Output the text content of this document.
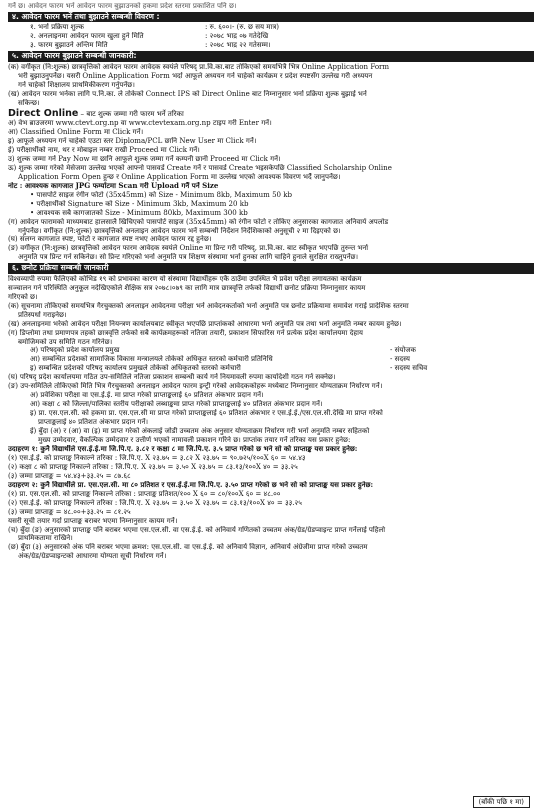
गर्ने छ। आवेदन फारम भर्न आवेदन फारम बुझाउनको हकमा प्रदेश स्तरमा प्रकाशित पनि छ।
४. आवेदन फारम भर्ने तथा बुझाउने सम्बन्धी विवरण :
१. भर्ना प्रक्रिया शुल्क	: रु. ६००।- (रु. छ सय मात्र)
२. अनलाइनमा आवेदन फारम खुला हुने मिति	: २०७८ भाद्र ०७ गतेदेखि
३. फारम बुझाउने अन्तिम मिति	: २०७८ भाद्र २२ गतेसम्म।
५. आवेदन फारम बुझाउने सम्बन्धी जानकारी:
(क) वर्गीकृत (नि:शुल्क) छात्रवृत्तिको आवेदन फारम आवेदक स्वयंले परिषद् प्रा.वि.का.बाट तोकिएको समयभित्रै भित्र Online Application Form
भरी बुझाउनुपर्नेछ। यसरी Online Application Form भर्दा आफूले अध्ययन गर्न चाहेको कार्यक्रम र प्रदेश स्पष्टसँग उल्लेख गरी अध्ययन
गर्न चाहेको शिक्षालय प्राथमिकीकरण गर्नुपर्नेछ।
(ख) आवेदन फारम भर्नका लागि प.नि.का. ले तोकेको Connect IPS को Direct Online बाट निम्नानुसार भर्ना प्रक्रिया शुल्क बुझाई भर्न
सकिन्छ।
Direct Online – बाट शुल्क जम्मा गरी फारम भर्ने तरिका
अ) वेभ ब्राउजरमा www.ctevt.org.np वा www.ctevtexam.org.np टाइप गरी Enter गर्ने।
आ) Classified Online Form मा Click गर्ने।
इ) आफूले अध्ययन गर्न चाहेको एउटा स्तर Diploma/PCL छानि New User मा Click गर्ने।
ई) परीक्षार्थीको नाम, थर र मोबाइल नम्बर राखी Proceed मा Click गर्ने।
उ) शुल्क जम्मा गर्न Pay Now मा छानि आफूले शुल्क जम्मा गर्ने कम्पनी छानी Proceed मा Click गर्ने।
ऊ) शुल्क जम्मा गरेको मेसेजमा उल्लेख भएको आफ्नो पासवर्ड Create गर्ने र पासवर्ड Create भइसकेपछि Classified Scholarship Online
Application Form Open हुन्छ र Online Application Form मा उल्लेख भएको आवश्यक विवरण भर्दै जानुपर्नेछ।
नोट : आवश्यक कागजात JPG फर्म्याटमा Scan गरी Upload गर्नै पर्ने Size
• पासपोर्ट साइज रंगीन फोटो (35x45mm) को Size - Minimum 8kb, Maximum 50 kb
• परीक्षार्थीको Signature को Size - Minimum 3kb, Maximum 20 kb
• आवश्यक सबै कागजातको Size - Minimum 80kb, Maximum 300 kb
(ग) आवेदन फारामको माध्यमबाट हालसालै खिचिएको पासपोर्ट साइज (35x45mm) को रंगीन फोटो र तोकिए अनुसारका कागजात अनिवार्य अपलोड
गर्नुपर्नेछ। वर्गीकृत (नि:शुल्क) छात्रवृत्तिको अनलाइन आवेदन फारम भर्ने सम्बन्धी निर्देशन निर्देशिकाको अनुसूची २ मा दिइएको छ।
(घ) संलग्न कागजात स्पष्ट, फोटो र कागजात स्पष्ट नभए आवेदन फारम रद्द हुनेछ।
(ङ) वर्गीकृत (नि:शुल्क) छात्रवृत्तिको आवेदन फारम आवेदक स्वयंले Online मा प्रिन्ट गरी परिषद्, प्रा.वि.का. बाट स्वीकृत भएपछि तुरुन्त भर्ना
अनुमति पत्र प्रिन्ट गर्न सकिनेछ। सो प्रिन्ट गरिएको भर्ना अनुमति पत्र शिक्षण संस्थामा भर्ना हुनका लागि चाहिने हुनाले सुरक्षित राख्नुपर्नेछ।
६. छनोट प्रक्रिया सम्बन्धी जानकारी
विश्वव्यापी रुपमा फैलिएको कोभिड १९ को प्रभावका कारण यो संस्थामा विद्यार्थीहरू एकै ठाउँमा उपस्थित भै प्रवेश परीक्षा लगायतका कार्यक्रम
सञ्चालन गर्न परिस्थिति अनुकूल नदेखिएकोले शैक्षिक सत्र २०७८।०७९ का लागि मात्र छात्रवृत्ति तर्फको विद्यार्थी छनोट प्रक्रिया निम्नानुसार कायम
गरिएको छ।
(क) सूचनामा तोकिएको समयभित्र गैरचुक्तको अनलाइन आवेदनमा परीक्षा भर्न आवेदनकर्ताको भर्ना अनुमति पत्र छनोट प्रक्रियामा समावेश गराई प्रादेशिक स्तरमा
प्रतिस्पर्धा गराइनेछ।
(ख) अनलाइनमा भरेको आवेदन परीक्षा नियन्त्रण कार्यालयबाट स्वीकृत भएपछि प्राप्तांकको आधारमा भर्ना अनुमति पत्र तथा भर्ना अनुमति नम्बर कायम हुनेछ।
(ग) डिप्लोमा तथा प्रमाणपत्र तहको छात्रवृत्ति तर्फको सबै कार्यक्रमहरूको नतिजा तयारी, प्रकाशन सिफारिस गर्न प्रत्येक प्रदेश कार्यालयमा देहाय
बमोजिमको उप समिति गठन गरिनेछ।
अ) परिषद्को प्रदेश कार्यालय प्रमुख	- संयोजक
आ) सम्बन्धित प्रदेशको सामाजिक विकास मन्त्रालयले तोकेको अधिकृत स्तरको कर्मचारी प्रतिनिधि	- सदस्य
इ) सम्बन्धित प्रदेशको परिषद् कार्यालय प्रमुखले तोकेको अधिकृतको स्तरको कर्मचारी	- सदस्य सचिव
(घ) परिषद् प्रदेश कार्यालयमा गठित उप-समितिले नतिजा प्रकाशन सम्बन्धी कार्य गर्न नियमावली रुपमा कार्यादेशी गठन गर्न सक्नेछ।
(ङ) उप-समितिले तोकिएको मिति भित्र गैरचुक्तको अनलाइन आवेदन फारम इन्ट्री गरेको आवेदककोहरू मध्येबाट निम्नानुसार योग्यताक्रम निर्धारण गर्ने।
अ) प्रवेशिका परीक्षा वा एस.ई.ई. मा प्राप्त गरेको प्राप्ताङ्कलाई ६० प्रतिशत अंकभार प्रदान गर्ने।
आ) कक्षा ८ को जिल्ला/पालिका स्तरीय परीक्षाको लब्धाङ्कमा प्राप्त गरेको प्राप्ताङ्कलाई ४० प्रतिशत अंकभार प्रदान गर्ने।
इ) प्रा. एस.एल.सी. को हकमा प्रा. एस.एल.सी मा प्राप्त गरेको प्राप्ताङ्कलाई ६० प्रतिशत अंकभार र एस.ई.ई./एस.एल.सी.देखि मा प्राप्त गरेको
प्राप्ताङ्कलाई ४० प्रतिशत अंकभार प्रदान गर्ने।
ई) बुँदा (अ) र (आ) वा (इ) मा प्राप्त गरेको अंकलाई जोडी उच्चतम अंक अनुसार योग्यताक्रम निर्धारण गरी भर्ना अनुमति नम्बर सहितको
मुख्य उम्मेदवार, वैकल्पिक उम्मेदवार र उत्तीर्ण भएको नामावली प्रकाशन गरिने छ। प्राप्तांक तयार गर्ने तरिका यस प्रकार हुनेछ:
उदाहरण १: कुनै विद्यार्थीले एस.ई.ई.मा जि.पि.ए. ३.८२ र कक्षा ८ मा जि.पि.ए. ३.५ प्राप्त गरेको छ भने सो को प्राप्ताङ्क यस प्रकार हुनेछ:
(१) एस.ई.ई. को प्राप्ताङ्क निकाल्ने तरिका : जि.पि.ए. X २३.७५ = ३.८२ X २३.७५ = ९०.७२५/१००X ६० = ५४.४३
(२) कक्षा ८ को प्राप्ताङ्क निकाल्ने तरिका : जि.पि.ए. X २३.७५ = ३.५० X २३.७५ = ८३.१३/१००X ४० = ३३.२५
(३) जम्मा प्राप्ताङ्क = ५४.४३+३३.२५ = ८७.६८
उदाहरण २: कुनै विद्यार्थीले प्रा. एस.एल.सी. मा ८० प्रतिशत र एस.ई.ई.मा जि.पि.ए. ३.५० प्राप्त गरेको छ भने सो को प्राप्ताङ्क यस प्रकार हुनेछ:
(१) प्रा. एस.एल.सी. को प्राप्ताङ्क निकाल्ने तरिका : प्राप्ताङ्क प्रतिशत/१०० X ६० = ८०/१००X ६० = ४८.००
(२) एस.ई.ई. को प्राप्ताङ्क निकाल्ने तरिका : जि.पि.ए. X २३.७५ = ३.५० X २३.७५ = ८३.१३/१००X ४० = ३३.२५
(३) जम्मा प्राप्ताङ्क = ४८.००+३३.२५ = ८१.२५
यसरी सूची तयार गर्दा प्राप्ताङ्क बराबर भएमा निम्नानुसार कायम गर्ने।
(च) बुँदा (ङ) अनुसारको प्राप्ताङ्क पनि बराबर भएमा एस.एल.सी. वा एस.ई.ई. को अनिवार्य गणितको उच्चतम अंक/ग्रेड/ग्रेडप्वाइन्ट प्राप्त गर्नेलाई पहिलो
प्राथमिकतामा राखिने।
(छ) बुँदा (३) अनुसारको अंक पनि बराबर भएमा क्रमश: एस.एल.सी. वा एस.ई.ई. को अनिवार्य विज्ञान, अनिवार्य अंग्रेजीमा प्राप्त गरेको उच्चतम
अंक/ग्रेड/ग्रेडप्वाइन्टको आधारमा योग्यता सूची निर्धारण गर्ने।
(बाँकी पछि १ मा)
